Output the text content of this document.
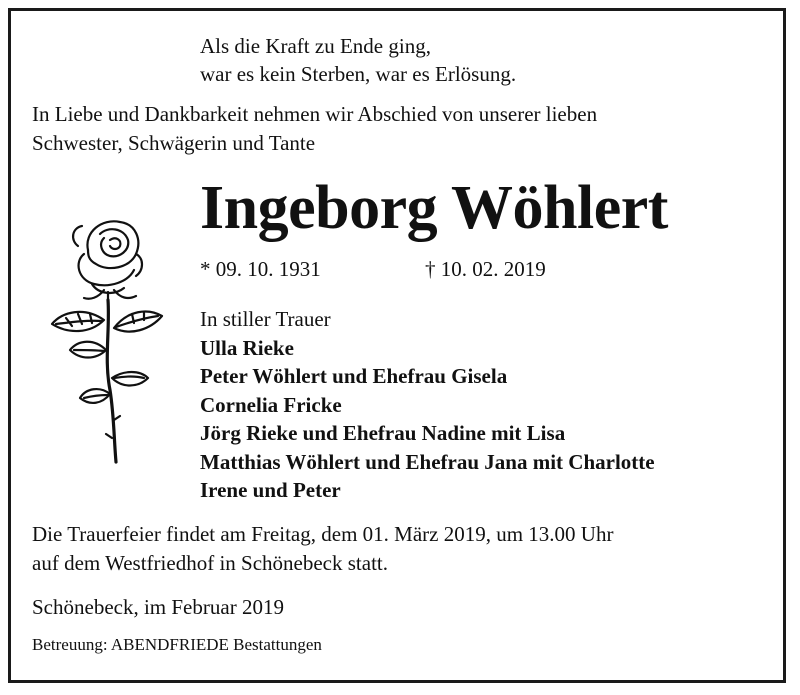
Als die Kraft zu Ende ging,
war es kein Sterben, war es Erlösung.
In Liebe und Dankbarkeit nehmen wir Abschied von unserer lieben
Schwester, Schwägerin und Tante
Ingeborg Wöhlert
* 09. 10. 1931	† 10. 02. 2019
In stiller Trauer
Ulla Rieke
Peter Wöhlert und Ehefrau Gisela
Cornelia Fricke
Jörg Rieke und Ehefrau Nadine mit Lisa
Matthias Wöhlert und Ehefrau Jana mit Charlotte
Irene und Peter
Die Trauerfeier findet am Freitag, dem 01. März 2019, um 13.00 Uhr
auf dem Westfriedhof in Schönebeck statt.
Schönebeck, im Februar 2019
Betreuung: ABENDFRIEDE Bestattungen
